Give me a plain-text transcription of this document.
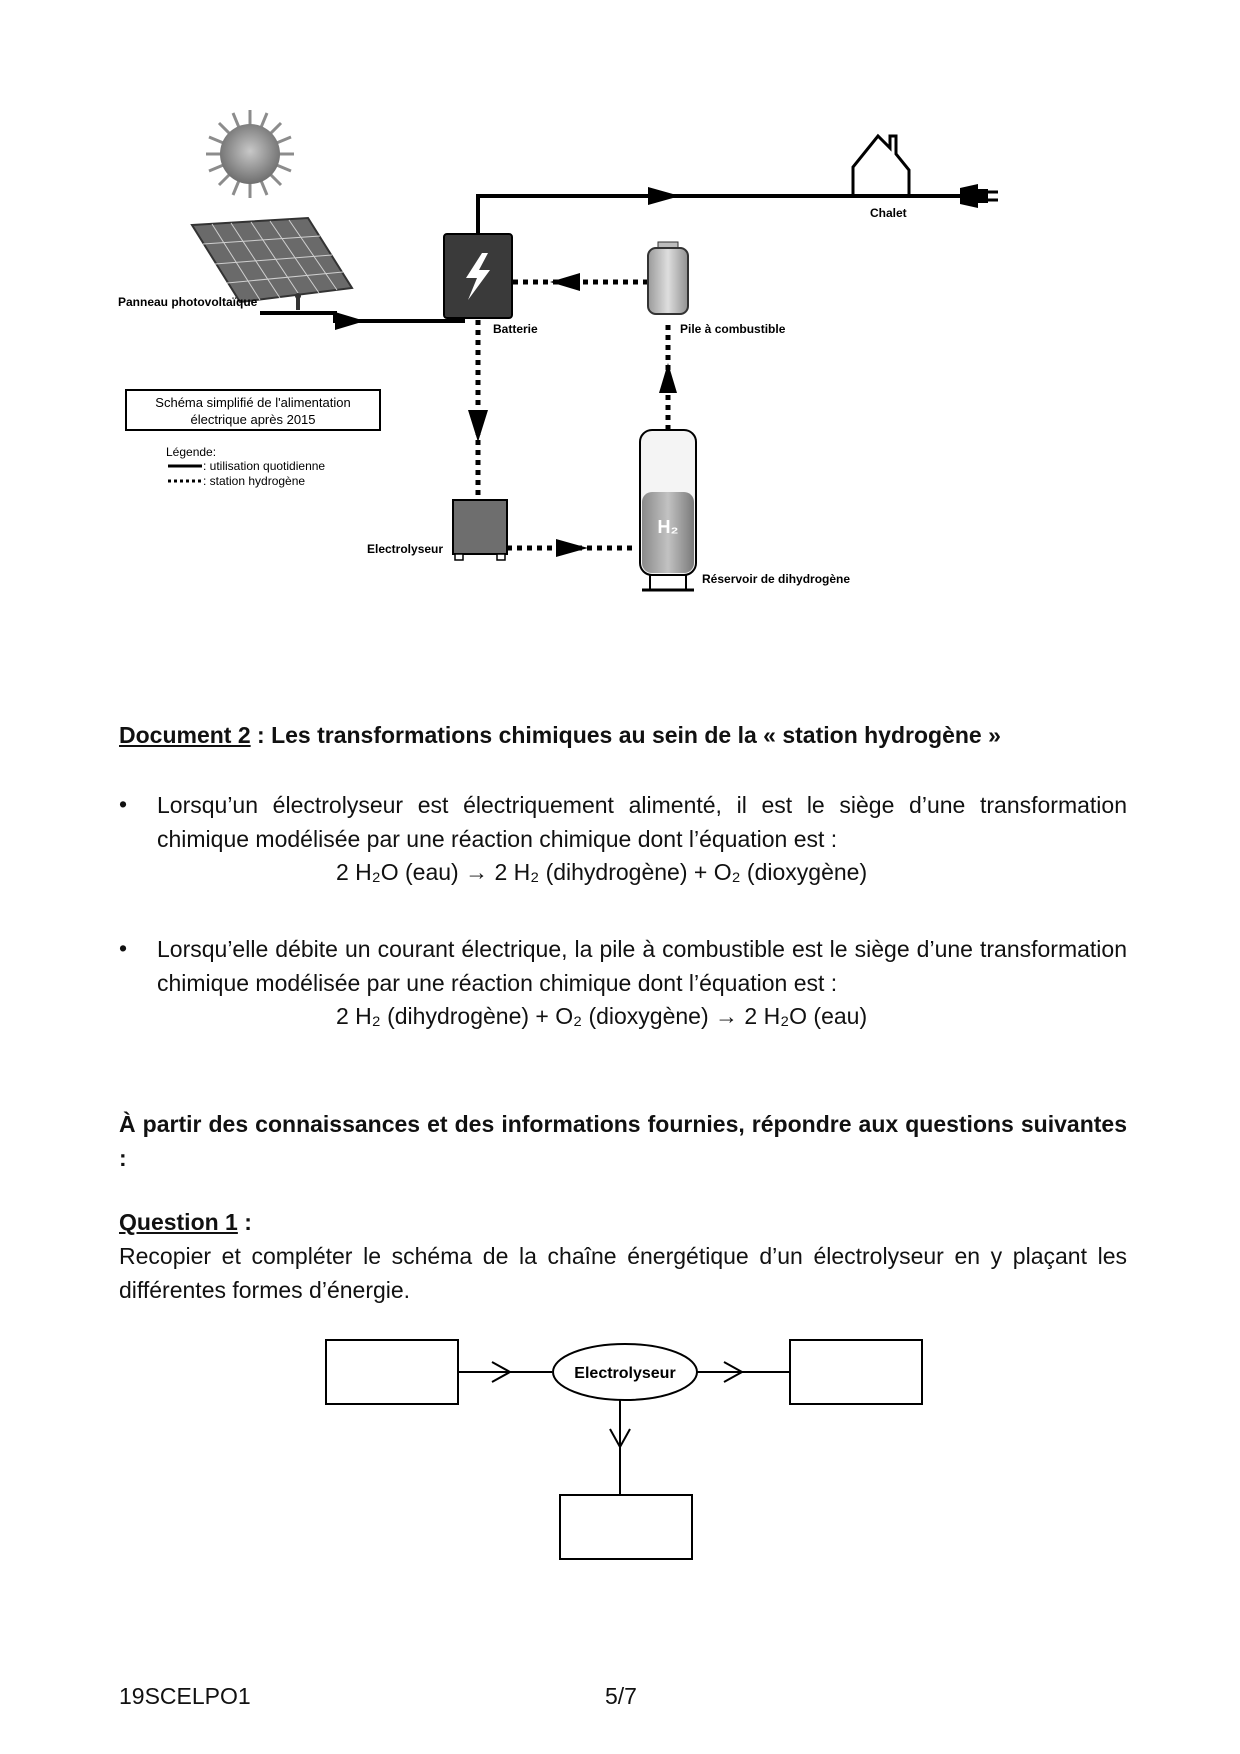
Panneau photovoltaïque
Batterie
Chalet
Pile à combustible
Schéma simplifié de l'alimentation
électrique après 2015
Légende:
: utilisation quotidienne
: station hydrogène
Electrolyseur
H₂
Réservoir de dihydrogène
Document 2 : Les transformations chimiques au sein de la « station hydrogène »
• Lorsqu’un électrolyseur est électriquement alimenté, il est le siège d’une transformation chimique modélisée par une réaction chimique dont l’équation est :
2 H₂O (eau) → 2 H₂ (dihydrogène) + O₂ (dioxygène)
• Lorsqu’elle débite un courant électrique, la pile à combustible est le siège d’une transformation chimique modélisée par une réaction chimique dont l’équation est :
2 H₂ (dihydrogène) + O₂ (dioxygène) → 2 H₂O (eau)
À partir des connaissances et des informations fournies, répondre aux questions suivantes :
Question 1 :
Recopier et compléter le schéma de la chaîne énergétique d’un électrolyseur en y plaçant les différentes formes d’énergie.
Electrolyseur
19SCELPO1	5/7
